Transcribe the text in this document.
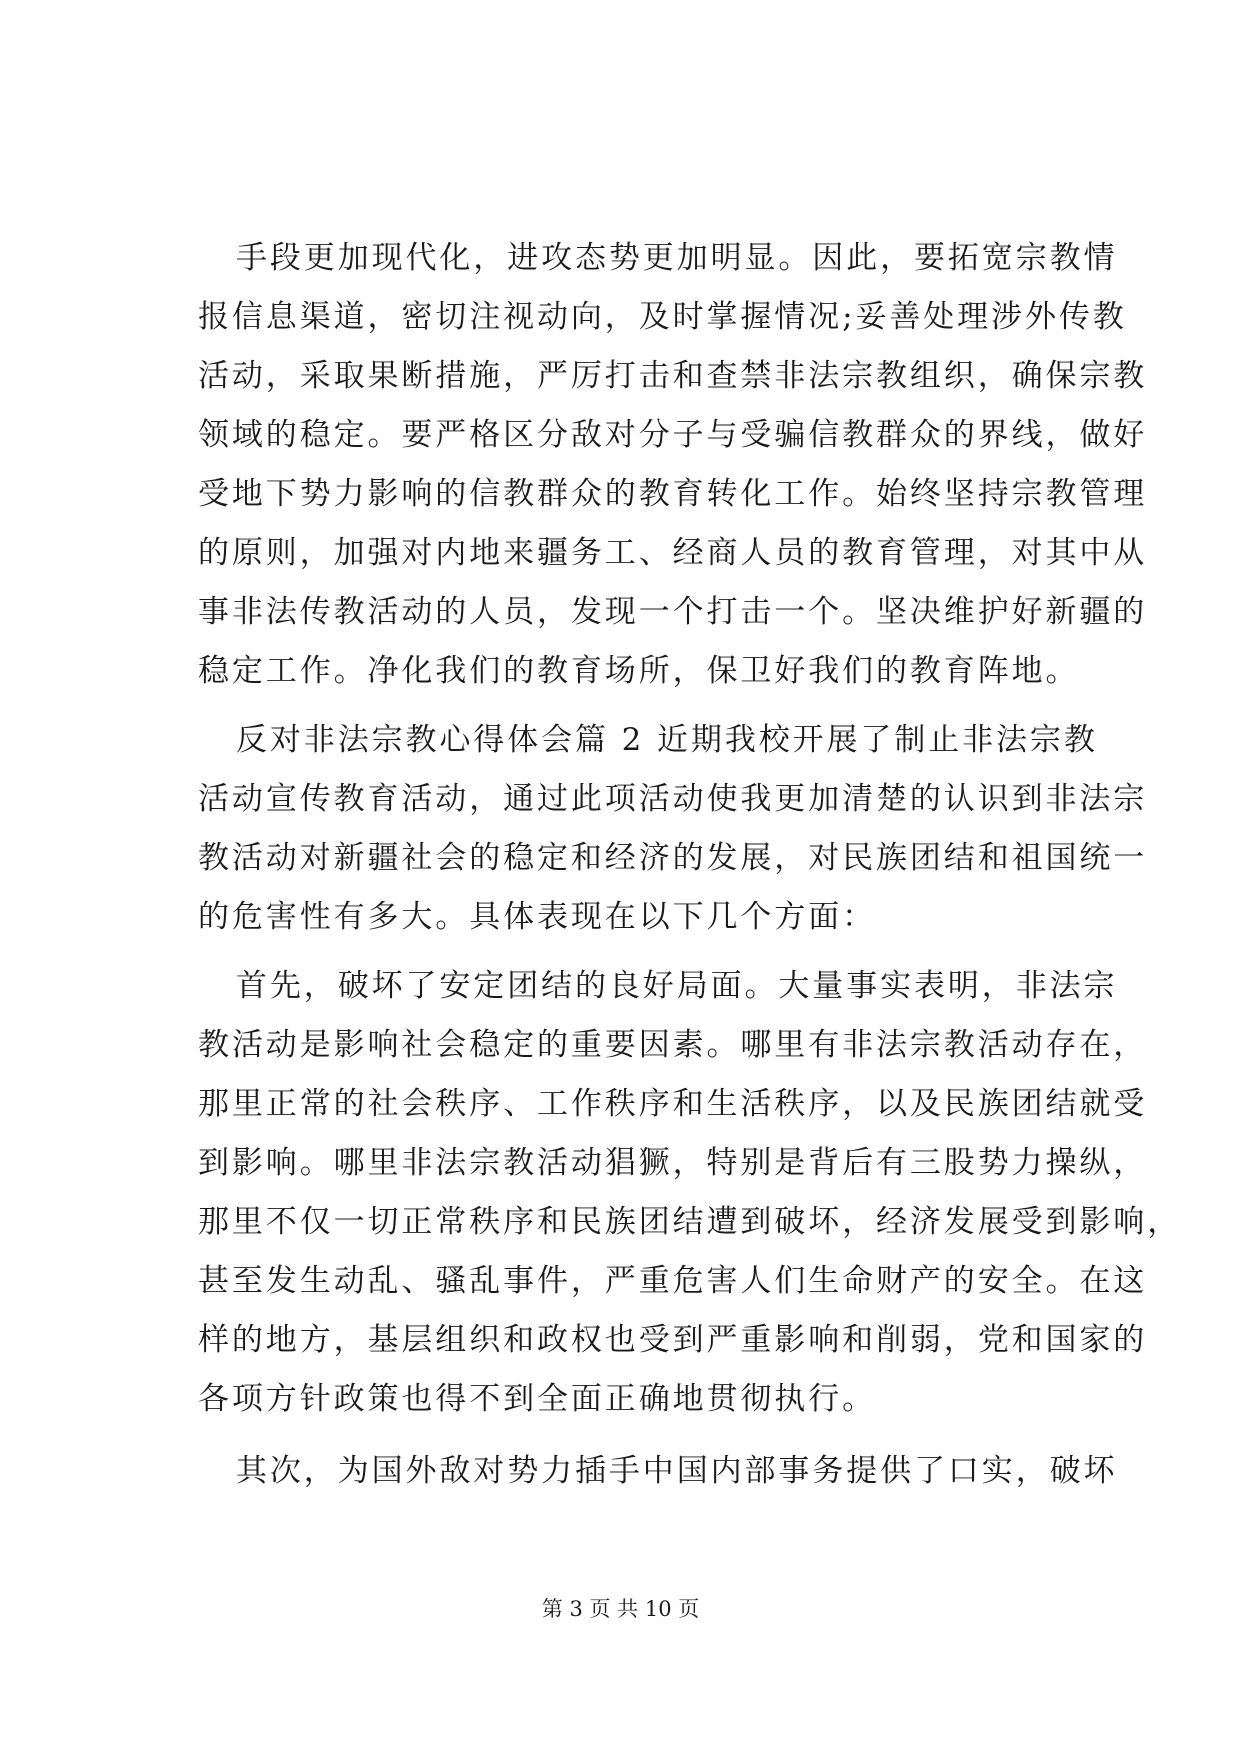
手段更加现代化，进攻态势更加明显。因此，要拓宽宗教情
报信息渠道，密切注视动向，及时掌握情况;妥善处理涉外传教
活动，采取果断措施，严厉打击和查禁非法宗教组织，确保宗教
领域的稳定。要严格区分敌对分子与受骗信教群众的界线，做好
受地下势力影响的信教群众的教育转化工作。始终坚持宗教管理
的原则，加强对内地来疆务工、经商人员的教育管理，对其中从
事非法传教活动的人员，发现一个打击一个。坚决维护好新疆的
稳定工作。净化我们的教育场所，保卫好我们的教育阵地。
反对非法宗教心得体会篇 2 近期我校开展了制止非法宗教
活动宣传教育活动，通过此项活动使我更加清楚的认识到非法宗
教活动对新疆社会的稳定和经济的发展，对民族团结和祖国统一
的危害性有多大。具体表现在以下几个方面：
首先，破坏了安定团结的良好局面。大量事实表明，非法宗
教活动是影响社会稳定的重要因素。哪里有非法宗教活动存在，
那里正常的社会秩序、工作秩序和生活秩序，以及民族团结就受
到影响。哪里非法宗教活动猖獗，特别是背后有三股势力操纵，
那里不仅一切正常秩序和民族团结遭到破坏，经济发展受到影响，
甚至发生动乱、骚乱事件，严重危害人们生命财产的安全。在这
样的地方，基层组织和政权也受到严重影响和削弱，党和国家的
各项方针政策也得不到全面正确地贯彻执行。
其次，为国外敌对势力插手中国内部事务提供了口实，破坏
第 3 页 共 10 页
